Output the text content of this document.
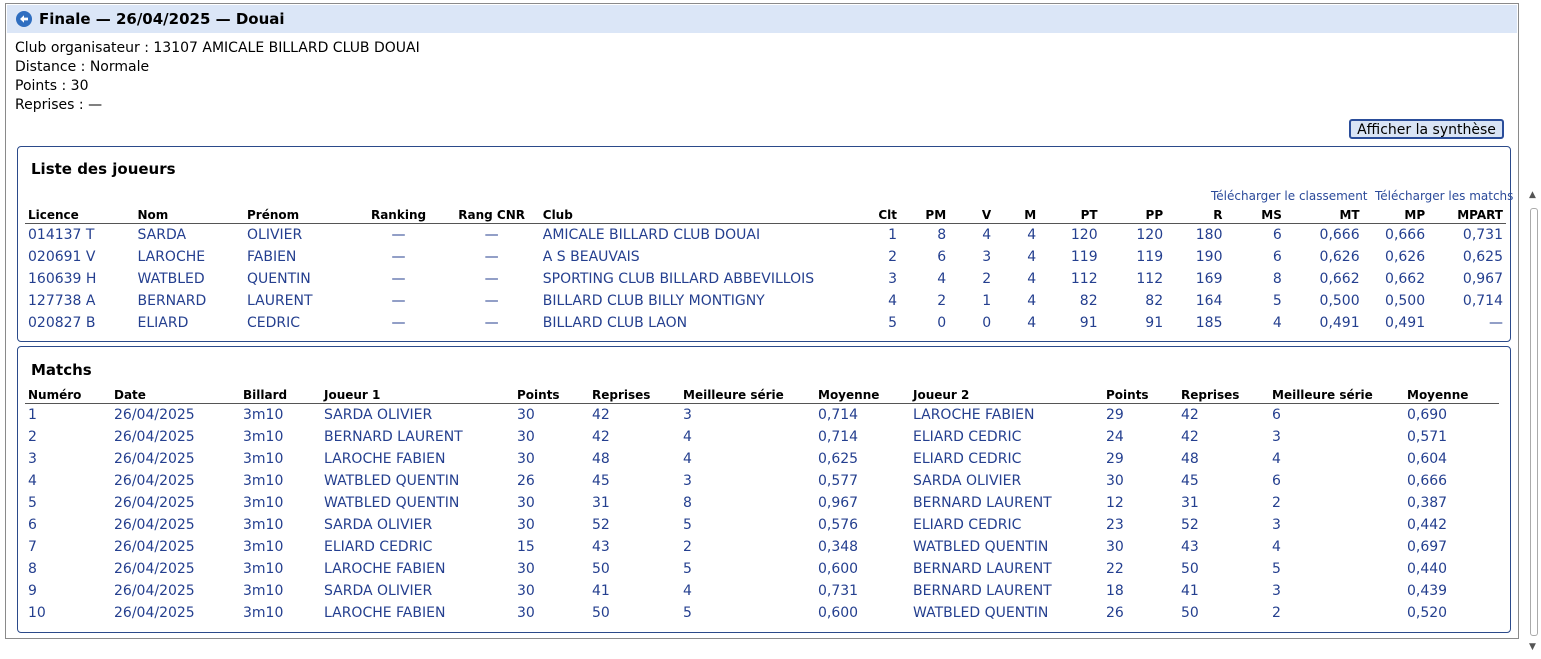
Finale — 26/04/2025 — Douai
Club organisateur : 13107 AMICALE BILLARD CLUB DOUAI
Distance : Normale
Points : 30
Reprises : —
Afficher la synthèse
Liste des joueurs
Télécharger le classement Télécharger les matchs
Licence	Nom	Prénom	Ranking	Rang CNR	Club	Clt	PM	V	M	PT	PP	R	MS	MT	MP	MPART
014137 T	SARDA	OLIVIER	—	—	AMICALE BILLARD CLUB DOUAI	1	8	4	4	120	120	180	6	0,666	0,666	0,731
020691 V	LAROCHE	FABIEN	—	—	A S BEAUVAIS	2	6	3	4	119	119	190	6	0,626	0,626	0,625
160639 H	WATBLED	QUENTIN	—	—	SPORTING CLUB BILLARD ABBEVILLOIS	3	4	2	4	112	112	169	8	0,662	0,662	0,967
127738 A	BERNARD	LAURENT	—	—	BILLARD CLUB BILLY MONTIGNY	4	2	1	4	82	82	164	5	0,500	0,500	0,714
020827 B	ELIARD	CEDRIC	—	—	BILLARD CLUB LAON	5	0	0	4	91	91	185	4	0,491	0,491	—
Matchs
Numéro	Date	Billard	Joueur 1	Points	Reprises	Meilleure série	Moyenne	Joueur 2	Points	Reprises	Meilleure série	Moyenne
1	26/04/2025	3m10	SARDA OLIVIER	30	42	3	0,714	LAROCHE FABIEN	29	42	6	0,690
2	26/04/2025	3m10	BERNARD LAURENT	30	42	4	0,714	ELIARD CEDRIC	24	42	3	0,571
3	26/04/2025	3m10	LAROCHE FABIEN	30	48	4	0,625	ELIARD CEDRIC	29	48	4	0,604
4	26/04/2025	3m10	WATBLED QUENTIN	26	45	3	0,577	SARDA OLIVIER	30	45	6	0,666
5	26/04/2025	3m10	WATBLED QUENTIN	30	31	8	0,967	BERNARD LAURENT	12	31	2	0,387
6	26/04/2025	3m10	SARDA OLIVIER	30	52	5	0,576	ELIARD CEDRIC	23	52	3	0,442
7	26/04/2025	3m10	ELIARD CEDRIC	15	43	2	0,348	WATBLED QUENTIN	30	43	4	0,697
8	26/04/2025	3m10	LAROCHE FABIEN	30	50	5	0,600	BERNARD LAURENT	22	50	5	0,440
9	26/04/2025	3m10	SARDA OLIVIER	30	41	4	0,731	BERNARD LAURENT	18	41	3	0,439
10	26/04/2025	3m10	LAROCHE FABIEN	30	50	5	0,600	WATBLED QUENTIN	26	50	2	0,520
▲
▼
